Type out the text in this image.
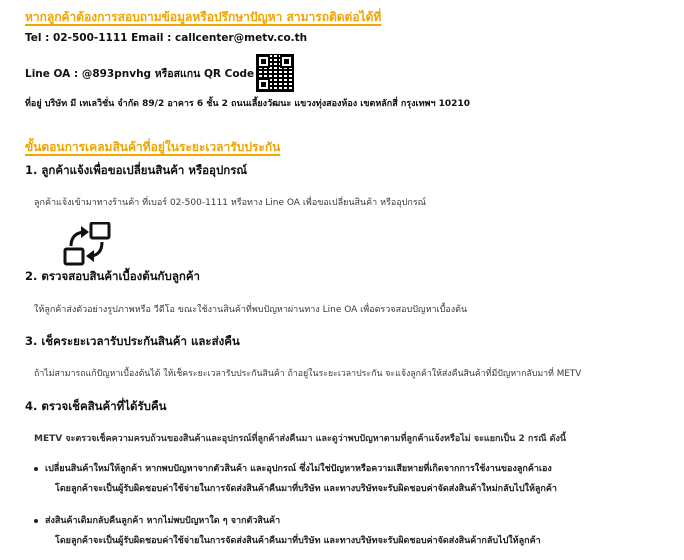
หากลูกค้าต้องการสอบถามข้อมูลหรือปรึกษาปัญหา สามารถติดต่อได้ที่
Tel : 02-500-1111 Email : callcenter@metv.co.th
Line OA : @893pnvhg หรือสแกน QR Code
ที่อยู่ บริษัท มี เทเลวิชั่น จำกัด 89/2 อาคาร 6 ชั้น 2 ถนนเลี้ยงวัฒนะ แขวงทุ่งสองห้อง เขตหลักสี่ กรุงเทพฯ 10210
ขั้นตอนการเคลมสินค้าที่อยู่ในระยะเวลารับประกัน
1. ลูกค้าแจ้งเพื่อขอเปลี่ยนสินค้า หรืออุปกรณ์
ลูกค้าแจ้งเข้ามาทางร้านค้า ที่เบอร์ 02-500-1111 หรือทาง Line OA เพื่อขอเปลี่ยนสินค้า หรืออุปกรณ์
2. ตรวจสอบสินค้าเบื้องต้นกับลูกค้า
ให้ลูกค้าส่งตัวอย่างรูปภาพหรือ วีดีโอ ขณะใช้งานสินค้าที่พบปัญหาผ่านทาง Line OA เพื่อตรวจสอบปัญหาเบื้องต้น
3. เช็คระยะเวลารับประกันสินค้า และส่งคืน
ถ้าไม่สามารถแก้ปัญหาเบื้องต้นได้ ให้เช็คระยะเวลารับประกันสินค้า ถ้าอยู่ในระยะเวลาประกัน จะแจ้งลูกค้าให้ส่งคืนสินค้าที่มีปัญหากลับมาที่ METV
4. ตรวจเช็คสินค้าที่ได้รับคืน
METV จะตรวจเช็คความครบถ้วนของสินค้าและอุปกรณ์ที่ลูกค้าส่งคืนมา และดูว่าพบปัญหาตามที่ลูกค้าแจ้งหรือไม่ จะแยกเป็น 2 กรณี ดังนี้
เปลี่ยนสินค้าใหม่ให้ลูกค้า หากพบปัญหาจากตัวสินค้า และอุปกรณ์ ซึ่งไม่ใช่ปัญหาหรือความเสียหายที่เกิดจากการใช้งานของลูกค้าเอง
โดยลูกค้าจะเป็นผู้รับผิดชอบค่าใช้จ่ายในการจัดส่งสินค้าคืนมาที่บริษัท และทางบริษัทจะรับผิดชอบค่าจัดส่งสินค้าใหม่กลับไปให้ลูกค้า
ส่งสินค้าเดิมกลับคืนลูกค้า หากไม่พบปัญหาใด ๆ จากตัวสินค้า
โดยลูกค้าจะเป็นผู้รับผิดชอบค่าใช้จ่ายในการจัดส่งสินค้าคืนมาที่บริษัท และทางบริษัทจะรับผิดชอบค่าจัดส่งสินค้ากลับไปให้ลูกค้า
